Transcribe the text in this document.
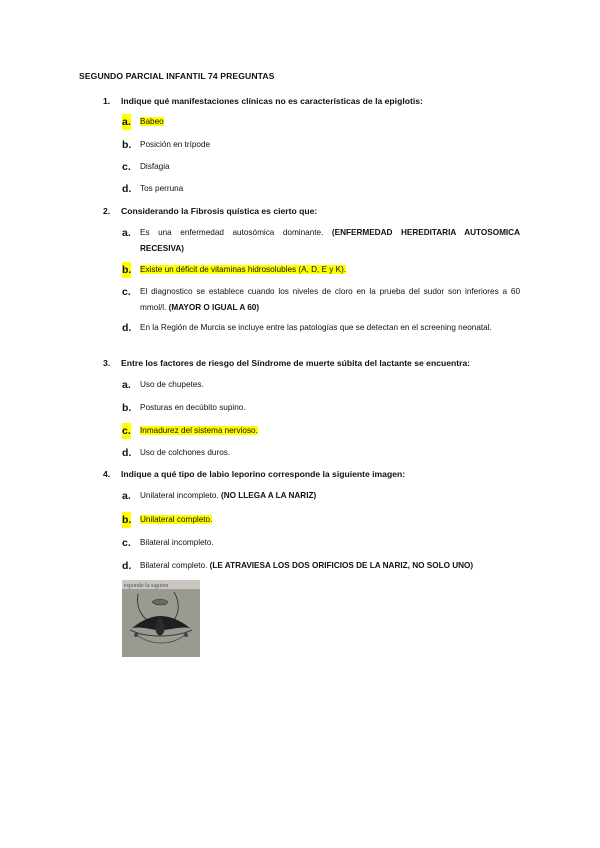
SEGUNDO PARCIAL INFANTIL 74 PREGUNTAS
1. Indique qué manifestaciones clínicas no es características de la epiglotis:
a. Babeo
b. Posición en trípode
c. Disfagia
d. Tos perruna
2. Considerando la Fibrosis quística es cierto que:
a. Es una enfermedad autosómica dominante. (ENFERMEDAD HEREDITARIA AUTOSOMICA RECESIVA)
b. Existe un déficit de vitaminas hidrosolubles (A, D, E y K).
c. El diagnostico se establece cuando los niveles de cloro en la prueba del sudor son inferiores a 60 mmol/l. (MAYOR O IGUAL A 60)
d. En la Región de Murcia se incluye entre las patologías que se detectan en el screening neonatal.
3. Entre los factores de riesgo del Síndrome de muerte súbita del lactante se encuentra:
a. Uso de chupetes.
b. Posturas en decúbito supino.
c. Inmadurez del sistema nervioso.
d. Uso de colchones duros.
4. Indique a qué tipo de labio leporino corresponde la siguiente imagen:
a. Unilateral incompleto. (NO LLEGA A LA NARIZ)
b. Unilateral completo.
c. Bilateral incompleto.
d. Bilateral completo. (LE ATRAVIESA LOS DOS ORIFICIOS DE LA NARIZ, NO SOLO UNO)
esponde la siguien
